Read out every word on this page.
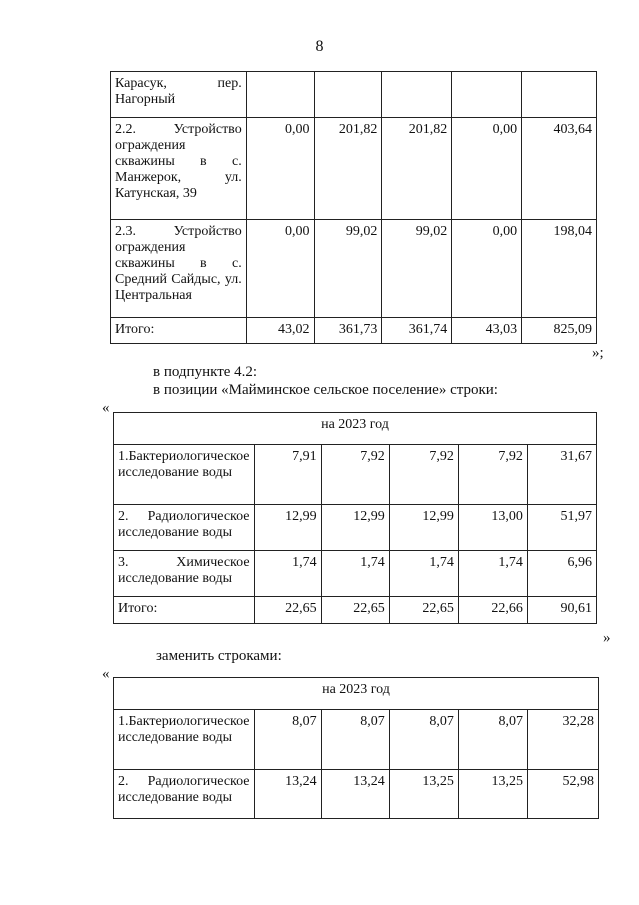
8
Карасук, пер. Нагорный					
2.2. Устройство ограждения скважины в с. Манжерок, ул. Катунская, 39	0,00	201,82	201,82	0,00	403,64
2.3. Устройство ограждения скважины в с. Средний Сайдыс, ул. Центральная	0,00	99,02	99,02	0,00	198,04
Итого:	43,02	361,73	361,74	43,03	825,09
»;
в подпункте 4.2:
в позиции «Майминское сельское поселение» строки:
«
на 2023 год					
1.Бактериологическое исследование воды	7,91	7,92	7,92	7,92	31,67
2. Радиологическое исследование воды	12,99	12,99	12,99	13,00	51,97
3. Химическое исследование воды	1,74	1,74	1,74	1,74	6,96
Итого:	22,65	22,65	22,65	22,66	90,61
»
заменить строками:
«
на 2023 год					
1.Бактериологическое исследование воды	8,07	8,07	8,07	8,07	32,28
2. Радиологическое исследование воды	13,24	13,24	13,25	13,25	52,98
